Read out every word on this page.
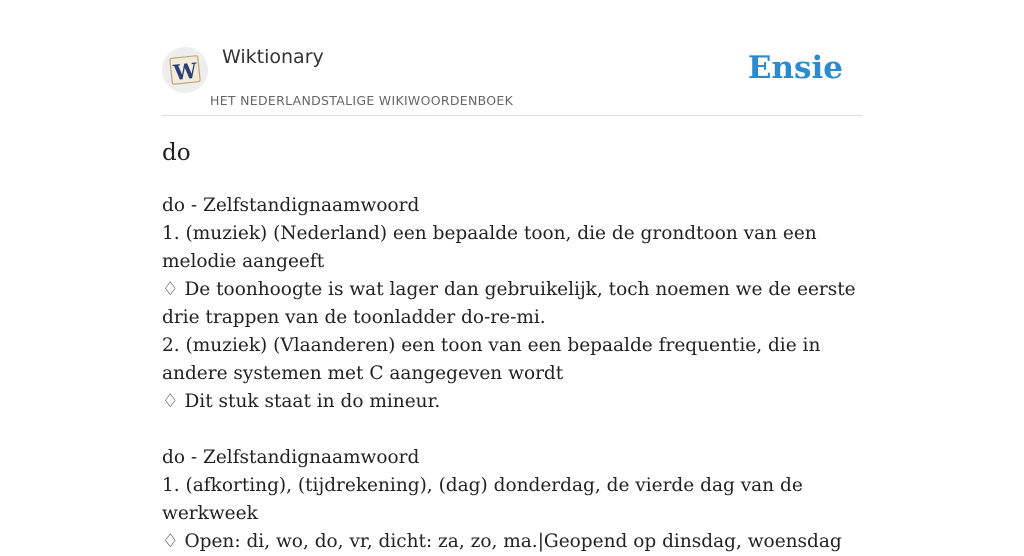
W
Wiktionary
HET NEDERLANDSTALIGE WIKIWOORDENBOEK
Ensie
do
do - Zelfstandignaamwoord
1. (muziek) (Nederland) een bepaalde toon, die de grondtoon van een melodie aangeeft
♢ De toonhoogte is wat lager dan gebruikelijk, toch noemen we de eerste drie trappen van de toonladder do-re-mi.
2. (muziek) (Vlaanderen) een toon van een bepaalde frequentie, die in andere systemen met C aangegeven wordt
♢ Dit stuk staat in do mineur.
do - Zelfstandignaamwoord
1. (afkorting), (tijdrekening), (dag) donderdag, de vierde dag van de werkweek
♢ Open: di, wo, do, vr, dicht: za, zo, ma.|Geopend op dinsdag, woensdag
